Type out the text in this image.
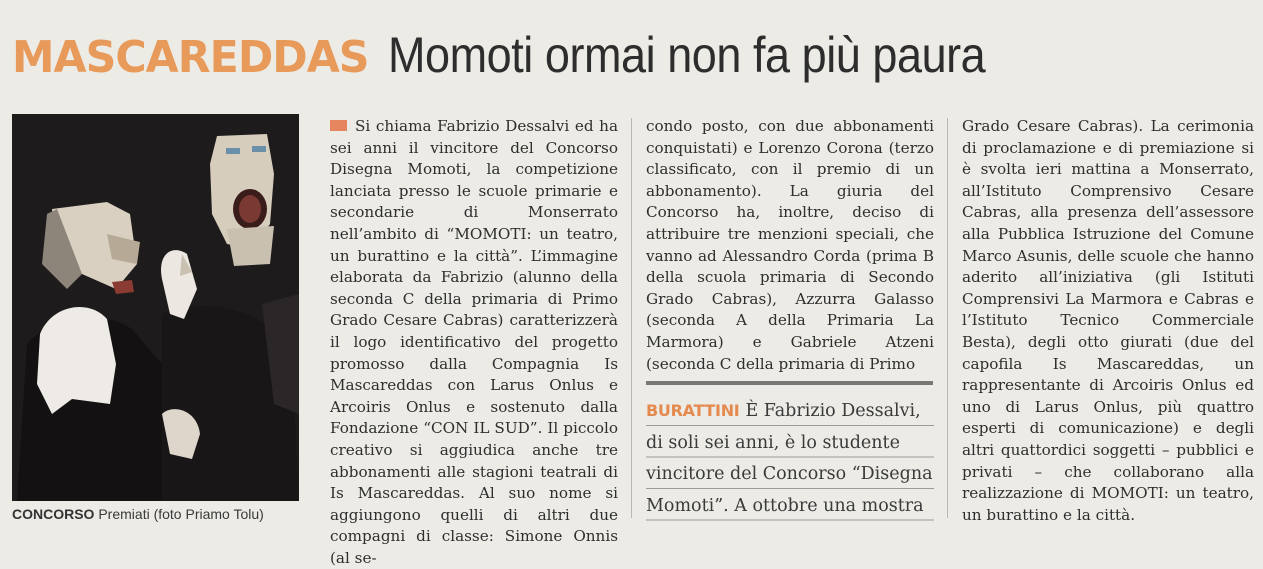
​
MASCAREDDAS Momoti ormai non fa più paura
CONCORSO Premiati (foto Priamo Tolu)

Si chiama Fabrizio Dessalvi ed ha sei anni il vincitore del Concorso Disegna Momoti, la competizione lanciata presso le scuole primarie e secondarie di Monserrato nell’ambito di “MOMOTI: un teatro, un burattino e la città”. L’immagine elaborata da Fabrizio (alunno della seconda C della primaria di Primo Grado Cesare Cabras) caratterizzerà il logo identificativo del progetto promosso dalla Compagnia Is Mascareddas con Larus Onlus e Arcoiris Onlus e sostenuto dalla Fondazione “CON IL SUD”. Il piccolo creativo si aggiudica anche tre abbonamenti alle stagioni teatrali di Is Mascareddas. Al suo nome si aggiungono quelli di altri due compagni di classe: Simone Onnis (al se-

condo posto, con due abbonamenti conquistati) e Lorenzo Corona (terzo classificato, con il premio di un abbonamento). La giuria del Concorso ha, inoltre, deciso di attribuire tre menzioni speciali, che vanno ad Alessandro Corda (prima B della scuola primaria di Secondo Grado Cabras), Azzurra Galasso (seconda A della Primaria La Marmora) e Gabriele Atzeni (seconda C della primaria di Primo

BURATTINI È Fabrizio Dessalvi, di soli sei anni, è lo studente vincitore del Concorso “Disegna Momoti”. A ottobre una mostra

Grado Cesare Cabras). La cerimonia di proclamazione e di premiazione si è svolta ieri mattina a Monserrato, all’Istituto Comprensivo Cesare Cabras, alla presenza dell’assessore alla Pubblica Istruzione del Comune Marco Asunis, delle scuole che hanno aderito all’iniziativa (gli Istituti Comprensivi La Marmora e Cabras e l’Istituto Tecnico Commerciale Besta), degli otto giurati (due del capofila Is Mascareddas, un rappresentante di Arcoiris Onlus ed uno di Larus Onlus, più quattro esperti di comunicazione) e degli altri quattordici soggetti – pubblici e privati – che collaborano alla realizzazione di MOMOTI: un teatro, un burattino e la città.
